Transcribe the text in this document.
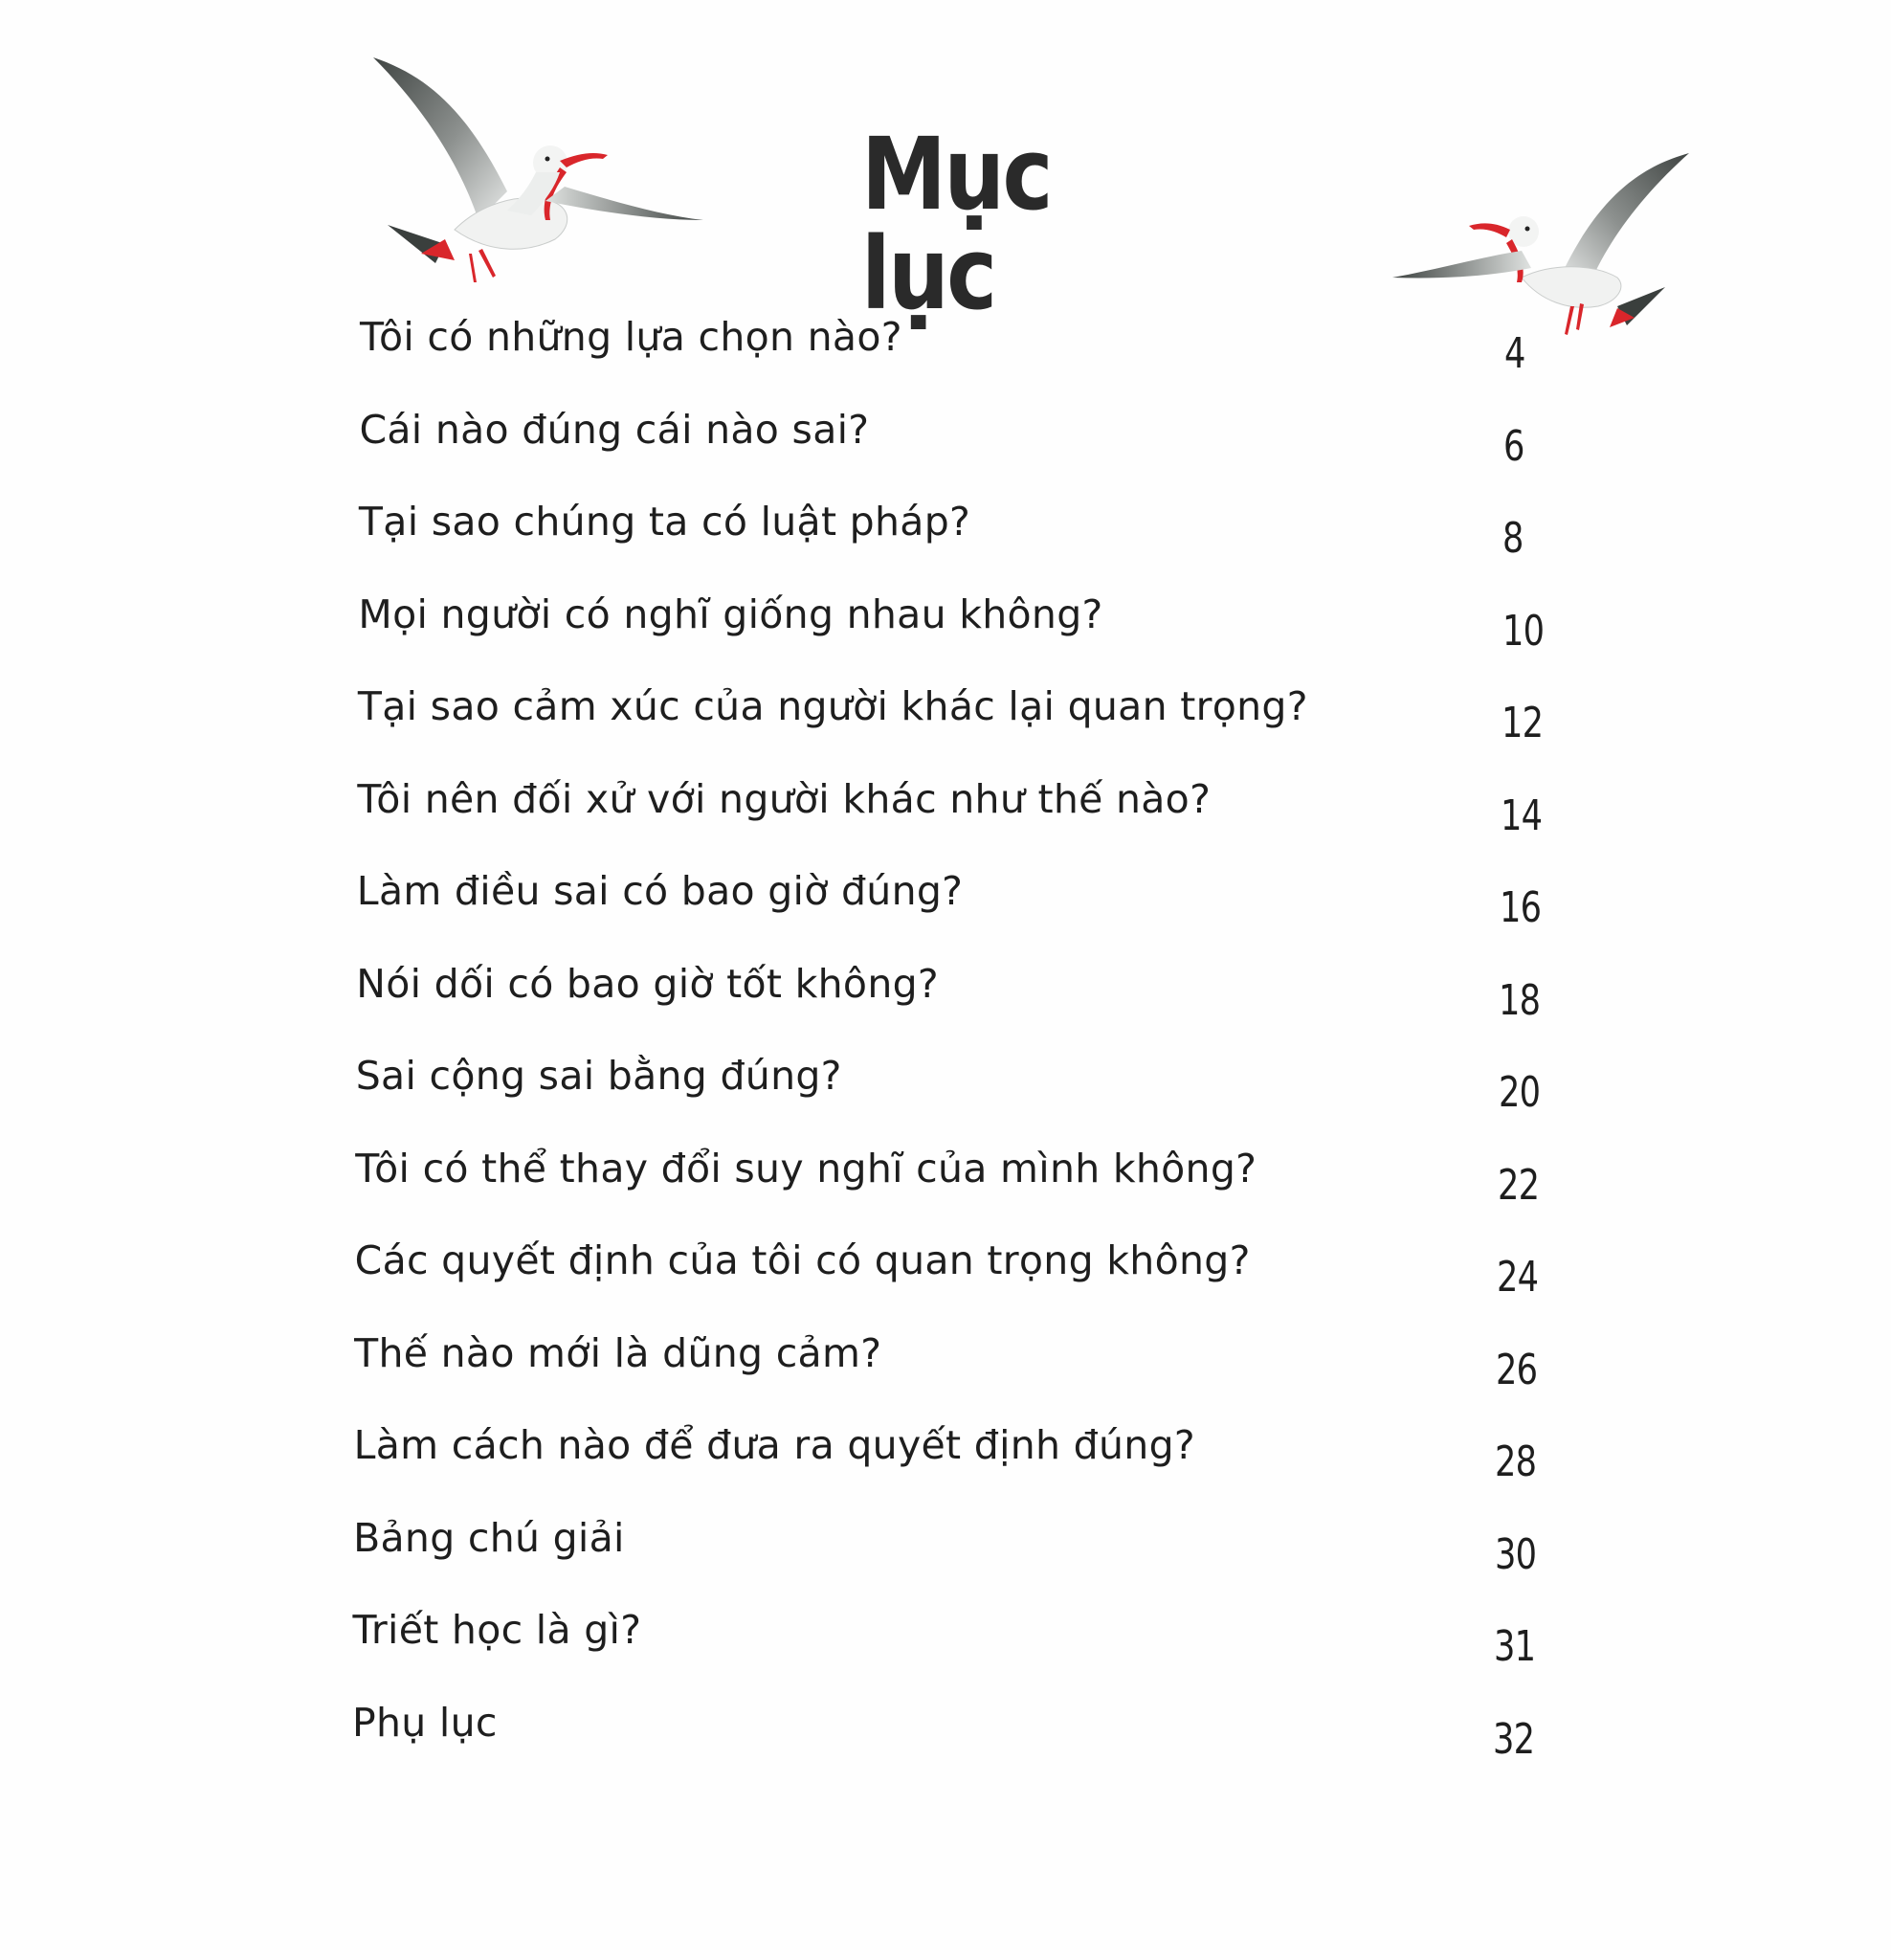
Mục lục
Tôi có những lựa chọn nào?	4
Cái nào đúng cái nào sai?	6
Tại sao chúng ta có luật pháp?	8
Mọi người có nghĩ giống nhau không?	10
Tại sao cảm xúc của người khác lại quan trọng?	12
Tôi nên đối xử với người khác như thế nào?	14
Làm điều sai có bao giờ đúng?	16
Nói dối có bao giờ tốt không?	18
Sai cộng sai bằng đúng?	20
Tôi có thể thay đổi suy nghĩ của mình không?	22
Các quyết định của tôi có quan trọng không?	24
Thế nào mới là dũng cảm?	26
Làm cách nào để đưa ra quyết định đúng?	28
Bảng chú giải	30
Triết học là gì?	31
Phụ lục	32
